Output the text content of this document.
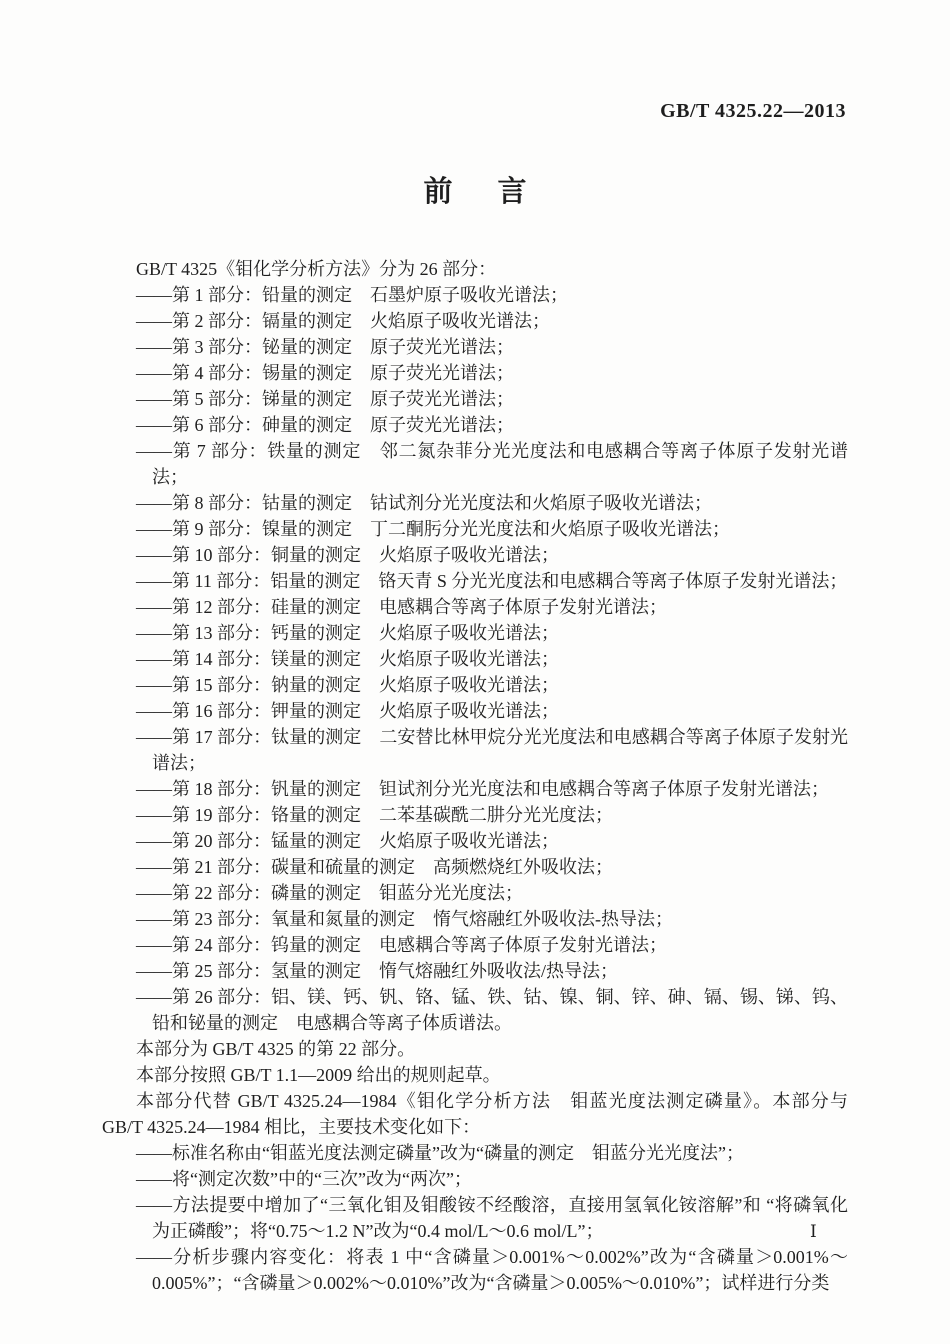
GB/T 4325.22—2013
前言

GB/T 4325《钼化学分析方法》分为 26 部分：

——第 1 部分：铅量的测定　石墨炉原子吸收光谱法；

——第 2 部分：镉量的测定　火焰原子吸收光谱法；

——第 3 部分：铋量的测定　原子荧光光谱法；

——第 4 部分：锡量的测定　原子荧光光谱法；

——第 5 部分：锑量的测定　原子荧光光谱法；

——第 6 部分：砷量的测定　原子荧光光谱法；

——第 7 部分：铁量的测定　邻二氮杂菲分光光度法和电感耦合等离子体原子发射光谱法；

——第 8 部分：钴量的测定　钴试剂分光光度法和火焰原子吸收光谱法；

——第 9 部分：镍量的测定　丁二酮肟分光光度法和火焰原子吸收光谱法；

——第 10 部分：铜量的测定　火焰原子吸收光谱法；

——第 11 部分：铝量的测定　铬天青 S 分光光度法和电感耦合等离子体原子发射光谱法；

——第 12 部分：硅量的测定　电感耦合等离子体原子发射光谱法；

——第 13 部分：钙量的测定　火焰原子吸收光谱法；

——第 14 部分：镁量的测定　火焰原子吸收光谱法；

——第 15 部分：钠量的测定　火焰原子吸收光谱法；

——第 16 部分：钾量的测定　火焰原子吸收光谱法；

——第 17 部分：钛量的测定　二安替比林甲烷分光光度法和电感耦合等离子体原子发射光谱法；

——第 18 部分：钒量的测定　钽试剂分光光度法和电感耦合等离子体原子发射光谱法；

——第 19 部分：铬量的测定　二苯基碳酰二肼分光光度法；

——第 20 部分：锰量的测定　火焰原子吸收光谱法；

——第 21 部分：碳量和硫量的测定　高频燃烧红外吸收法；

——第 22 部分：磷量的测定　钼蓝分光光度法；

——第 23 部分：氧量和氮量的测定　惰气熔融红外吸收法-热导法；

——第 24 部分：钨量的测定　电感耦合等离子体原子发射光谱法；

——第 25 部分：氢量的测定　惰气熔融红外吸收法/热导法；

——第 26 部分：铝、镁、钙、钒、铬、锰、铁、钴、镍、铜、锌、砷、镉、锡、锑、钨、铅和铋量的测定　电感耦合等离子体质谱法。

本部分为 GB/T 4325 的第 22 部分。

本部分按照 GB/T 1.1—2009 给出的规则起草。

本部分代替 GB/T 4325.24—1984《钼化学分析方法　钼蓝光度法测定磷量》。本部分与 GB/T 4325.24—1984 相比，主要技术变化如下：

——标准名称由“钼蓝光度法测定磷量”改为“磷量的测定　钼蓝分光光度法”；

——将“测定次数”中的“三次”改为“两次”；

——方法提要中增加了“三氧化钼及钼酸铵不经酸溶，直接用氢氧化铵溶解”和 “将磷氧化为正磷酸”；将“0.75～1.2 N”改为“0.4 mol/L～0.6 mol/L”；

——分析步骤内容变化：将表 1 中“含磷量＞0.001%～0.002%”改为“含磷量＞0.001%～0.005%”；“含磷量＞0.002%～0.010%”改为“含磷量＞0.005%～0.010%”；试样进行分类

Ⅰ
